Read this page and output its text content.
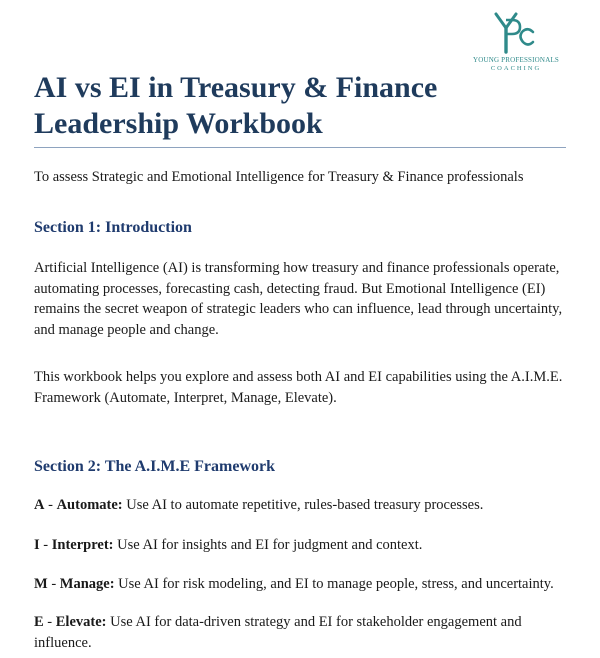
YOUNG PROFESSIONALS
COACHING
AI vs EI in Treasury & Finance
Leadership Workbook
To assess Strategic and Emotional Intelligence for Treasury & Finance professionals
Section 1: Introduction

Artificial Intelligence (AI) is transforming how treasury and finance professionals operate, automating processes, forecasting cash, detecting fraud. But Emotional Intelligence (EI) remains the secret weapon of strategic leaders who can influence, lead through uncertainty, and manage people and change.

This workbook helps you explore and assess both AI and EI capabilities using the A.I.M.E. Framework (Automate, Interpret, Manage, Elevate).

Section 2: The A.I.M.E Framework

A - Automate: Use AI to automate repetitive, rules-based treasury processes.

I - Interpret: Use AI for insights and EI for judgment and context.

M - Manage: Use AI for risk modeling, and EI to manage people, stress, and uncertainty.

E - Elevate: Use AI for data-driven strategy and EI for stakeholder engagement and influence.
